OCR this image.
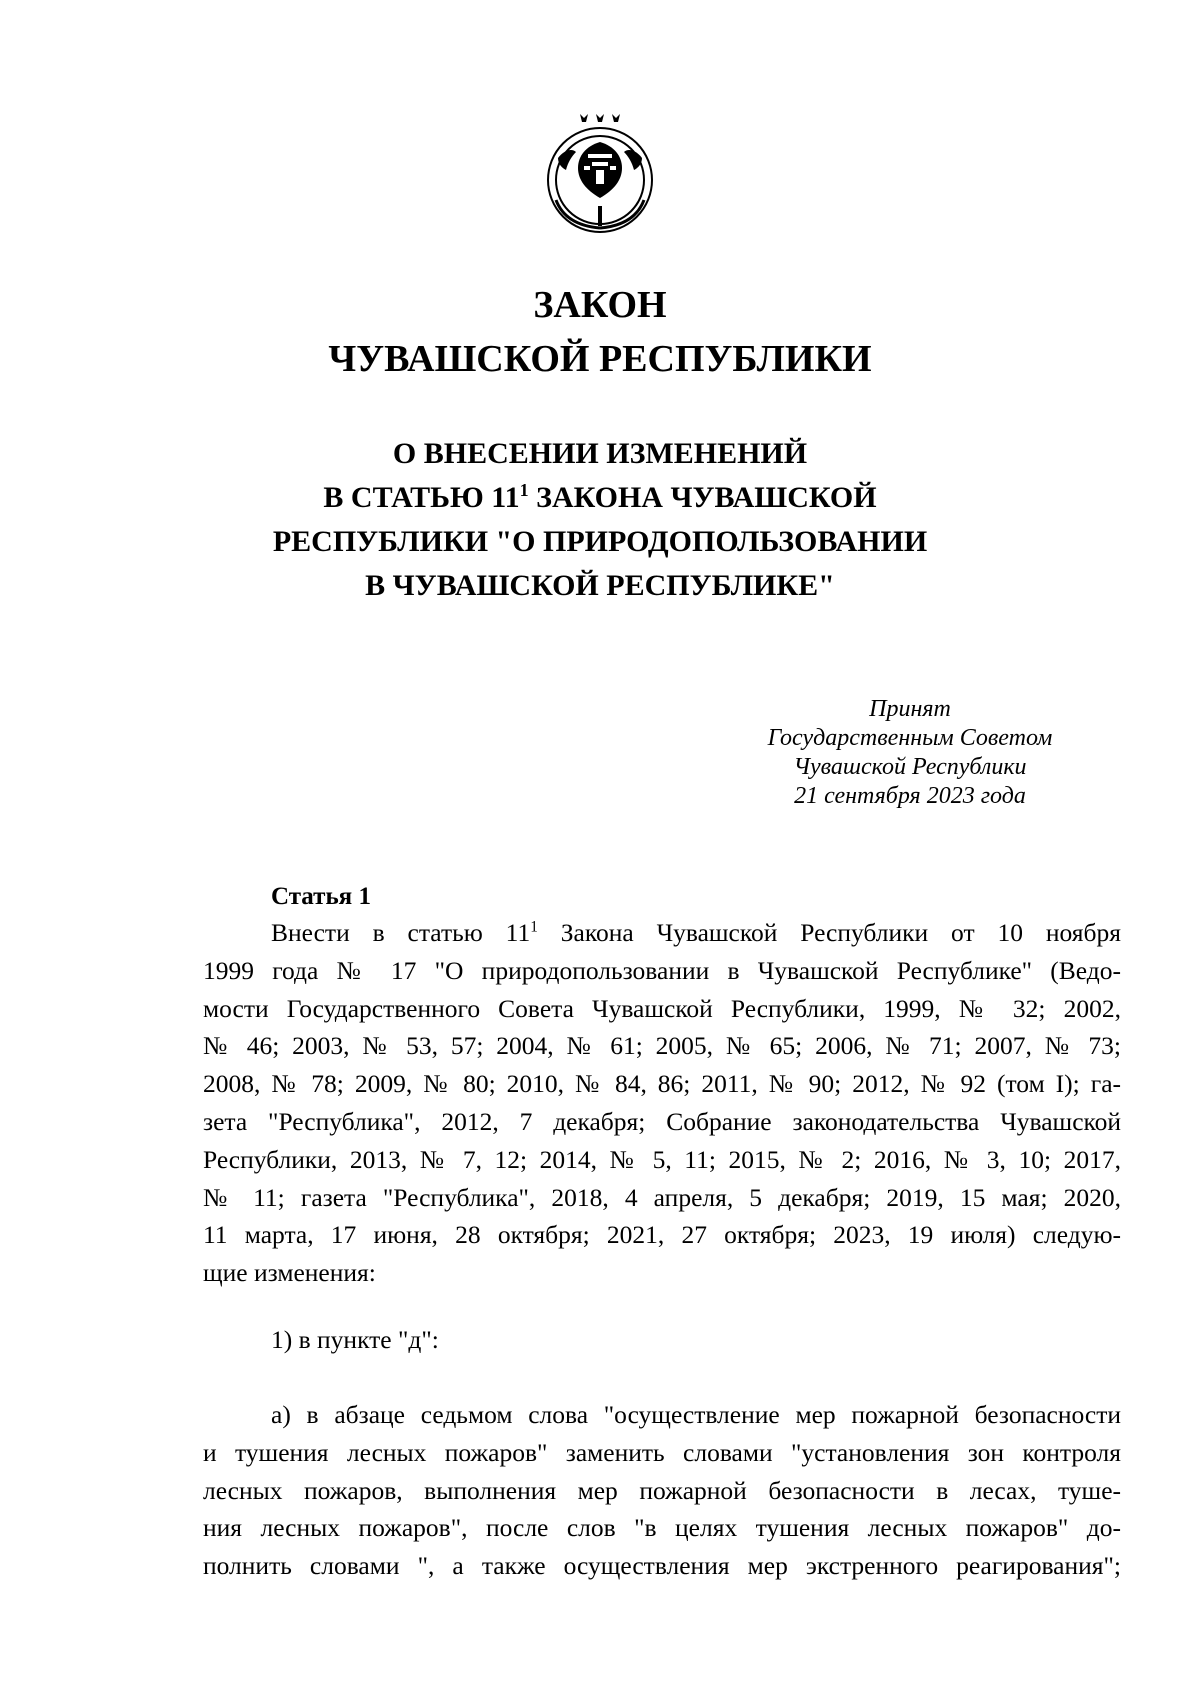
ЗАКОН
ЧУВАШСКОЙ РЕСПУБЛИКИ
О ВНЕСЕНИИ ИЗМЕНЕНИЙ
В СТАТЬЮ $11^1$ ЗАКОНА ЧУВАШСКОЙ
РЕСПУБЛИКИ "О ПРИРОДОПОЛЬЗОВАНИИ
В ЧУВАШСКОЙ РЕСПУБЛИКЕ"
Принят
Государственным Советом
Чувашской Республики
21 сентября 2023 года
Статья 1
Внести в статью $11^1$ Закона Чувашской Республики от 10 ноября
1999 года № 17 "О природопользовании в Чувашской Республике" (Ведо-
мости Государственного Совета Чувашской Республики, 1999, № 32; 2002,
№ 46; 2003, № 53, 57; 2004, № 61; 2005, № 65; 2006, № 71; 2007, № 73;
2008, № 78; 2009, № 80; 2010, № 84, 86; 2011, № 90; 2012, № 92 (том I); га-
зета "Республика", 2012, 7 декабря; Собрание законодательства Чувашской
Республики, 2013, № 7, 12; 2014, № 5, 11; 2015, № 2; 2016, № 3, 10; 2017,
№ 11; газета "Республика", 2018, 4 апреля, 5 декабря; 2019, 15 мая; 2020,
11 марта, 17 июня, 28 октября; 2021, 27 октября; 2023, 19 июля) следую-
щие изменения:
1) в пункте "д":
а) в абзаце седьмом слова "осуществление мер пожарной безопасности
и тушения лесных пожаров" заменить словами "установления зон контроля
лесных пожаров, выполнения мер пожарной безопасности в лесах, туше-
ния лесных пожаров", после слов "в целях тушения лесных пожаров" до-
полнить словами ", а также осуществления мер экстренного реагирования";
